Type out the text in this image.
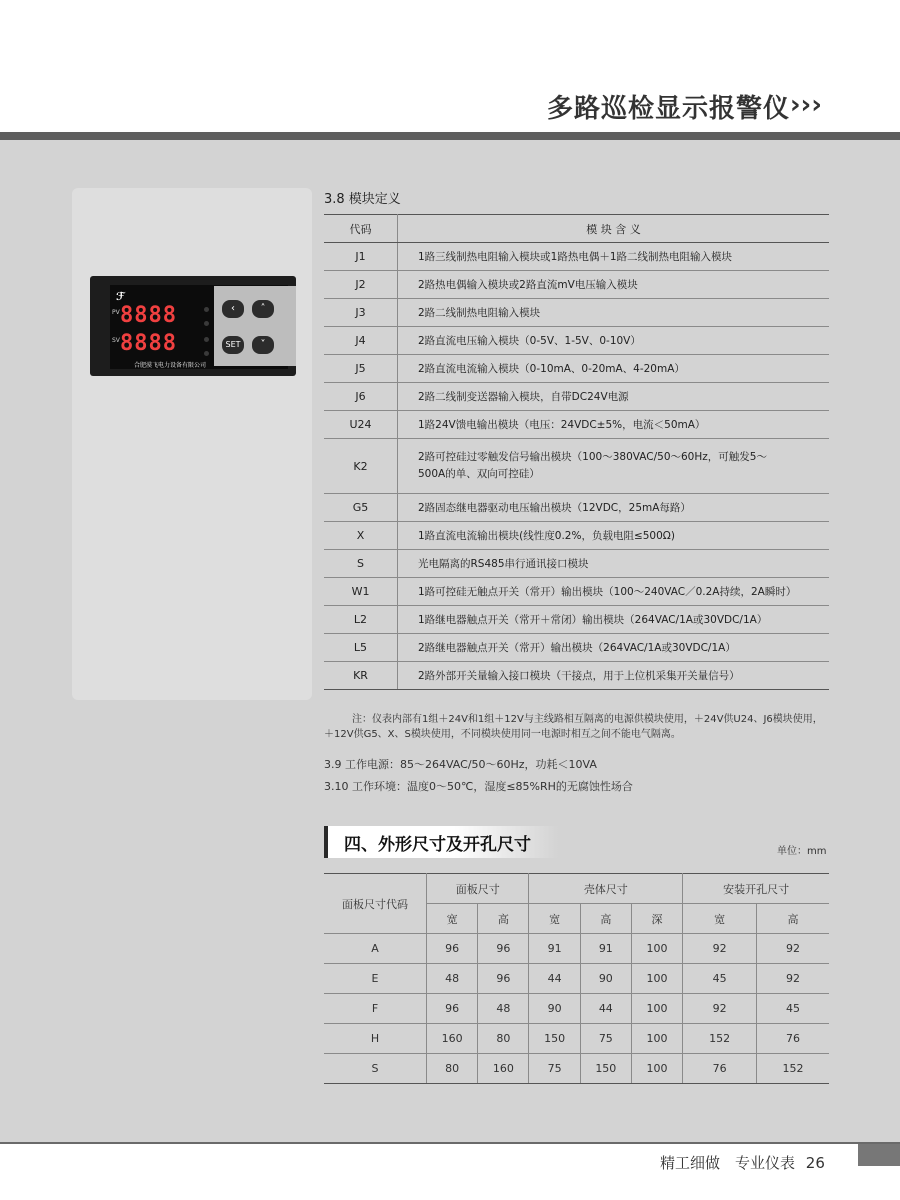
多路巡检显示报警仪 ›››
ℱ
PV
SV
8888
8888
合肥漠飞电力设备有限公司
‹	˄
SET	˅
3.8 模块定义
代码	模 块 含 义
J1	1路三线制热电阻输入模块或1路热电偶＋1路二线制热电阻输入模块
J2	2路热电偶输入模块或2路直流mV电压输入模块
J3	2路二线制热电阻输入模块
J4	2路直流电压输入模块（0-5V、1-5V、0-10V）
J5	2路直流电流输入模块（0-10mA、0-20mA、4-20mA）
J6	2路二线制变送器输入模块，自带DC24V电源
U24	1路24V馈电输出模块（电压：24VDC±5%，电流＜50mA）
K2	2路可控硅过零触发信号输出模块（100～380VAC/50～60Hz，可触发5～500A的单、双向可控硅）
G5	2路固态继电器驱动电压输出模块（12VDC，25mA每路）
X	1路直流电流输出模块(线性度0.2%，负载电阻≤500Ω)
S	光电隔离的RS485串行通讯接口模块
W1	1路可控硅无触点开关（常开）输出模块（100～240VAC／0.2A持续，2A瞬时）
L2	1路继电器触点开关（常开＋常闭）输出模块（264VAC/1A或30VDC/1A）
L5	2路继电器触点开关（常开）输出模块（264VAC/1A或30VDC/1A）
KR	2路外部开关量输入接口模块（干接点，用于上位机采集开关量信号）
注：仪表内部有1组＋24V和1组＋12V与主线路相互隔离的电源供模块使用，＋24V供U24、J6模块使用，＋12V供G5、X、S模块使用，不同模块使用同一电源时相互之间不能电气隔离。
3.9 工作电源：85～264VAC/50～60Hz，功耗＜10VA
3.10 工作环境：温度0～50℃，湿度≤85%RH的无腐蚀性场合
四、外形尺寸及开孔尺寸	单位：mm
面板尺寸代码	面板尺寸		壳体尺寸			安装开孔尺寸	
	宽	高	宽	高	深	宽	高
A	96	96	91	91	100	92	92
E	48	96	44	90	100	45	92
F	96	48	90	44	100	92	45
H	160	80	150	75	100	152	76
S	80	160	75	150	100	76	152
精工细做　专业仪表 26
